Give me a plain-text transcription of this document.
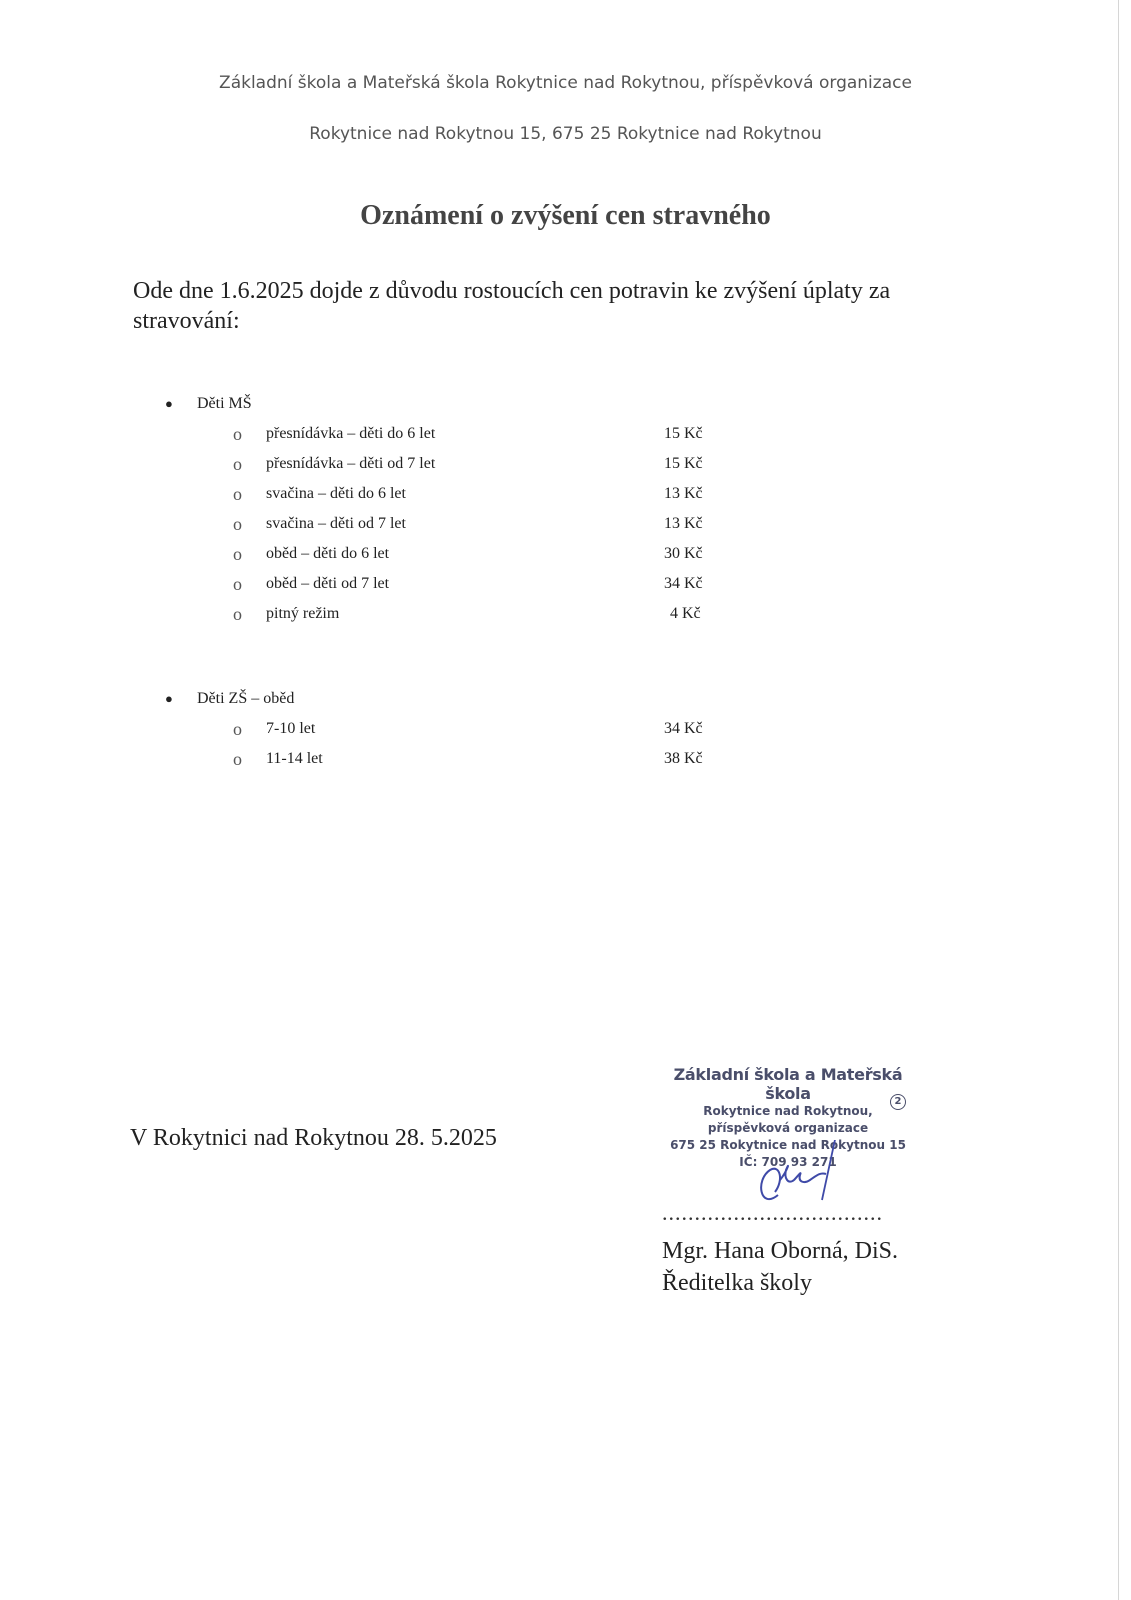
Základní škola a Mateřská škola Rokytnice nad Rokytnou, příspěvková organizace
Rokytnice nad Rokytnou 15, 675 25 Rokytnice nad Rokytnou
Oznámení o zvýšení cen stravného
Ode dne 1.6.2025 dojde z důvodu rostoucích cen potravin ke zvýšení úplaty za stravování:
● Děti MŠ
o přesnídávka – děti do 6 let	15 Kč
o přesnídávka – děti od 7 let	15 Kč
o svačina – děti do 6 let	13 Kč
o svačina – děti od 7 let	13 Kč
o oběd – děti do 6 let	30 Kč
o oběd – děti od 7 let	34 Kč
o pitný režim	4 Kč
● Děti ZŠ – oběd
o 7-10 let	34 Kč
o 11-14 let	38 Kč
V Rokytnici nad Rokytnou 28. 5.2025
Základní škola a Mateřská škola
Rokytnice nad Rokytnou,
příspěvková organizace
675 25 Rokytnice nad Rokytnou 15
IČ: 709 93 271
2
..................................
Mgr. Hana Oborná, DiS.
Ředitelka školy
